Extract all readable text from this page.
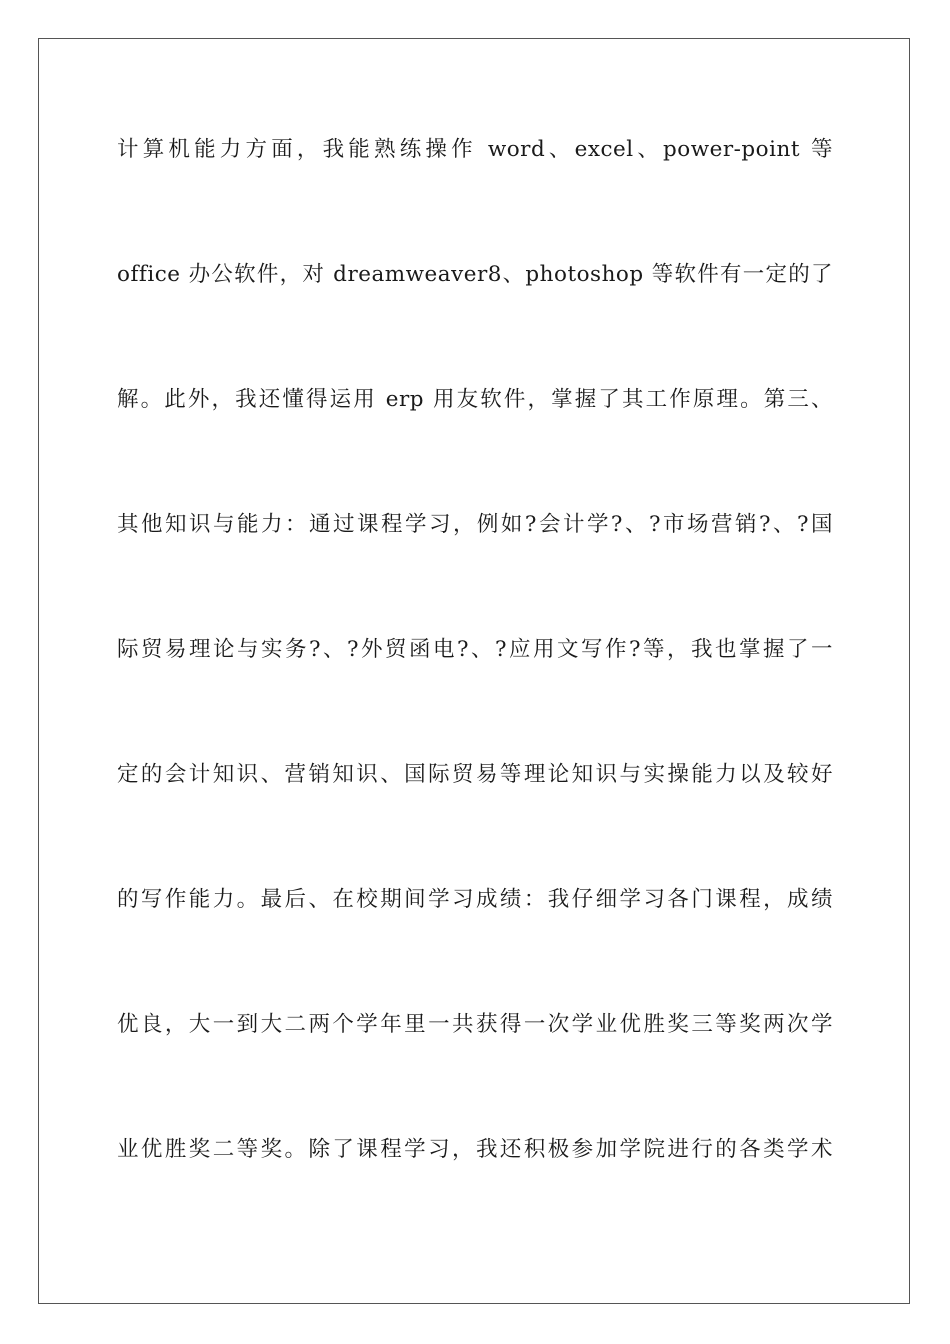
计算机能力方面，我能熟练操作 word、excel、power-point 等
office 办公软件，对 dreamweaver8、photoshop 等软件有一定的了
解。此外，我还懂得运用 erp 用友软件，掌握了其工作原理。第三、
其他知识与能力：通过课程学习，例如?会计学?、?市场营销?、?国
际贸易理论与实务?、?外贸函电?、?应用文写作?等，我也掌握了一
定的会计知识、营销知识、国际贸易等理论知识与实操能力以及较好
的写作能力。最后、在校期间学习成绩：我仔细学习各门课程，成绩
优良，大一到大二两个学年里一共获得一次学业优胜奖三等奖两次学
业优胜奖二等奖。除了课程学习，我还积极参加学院进行的各类学术
